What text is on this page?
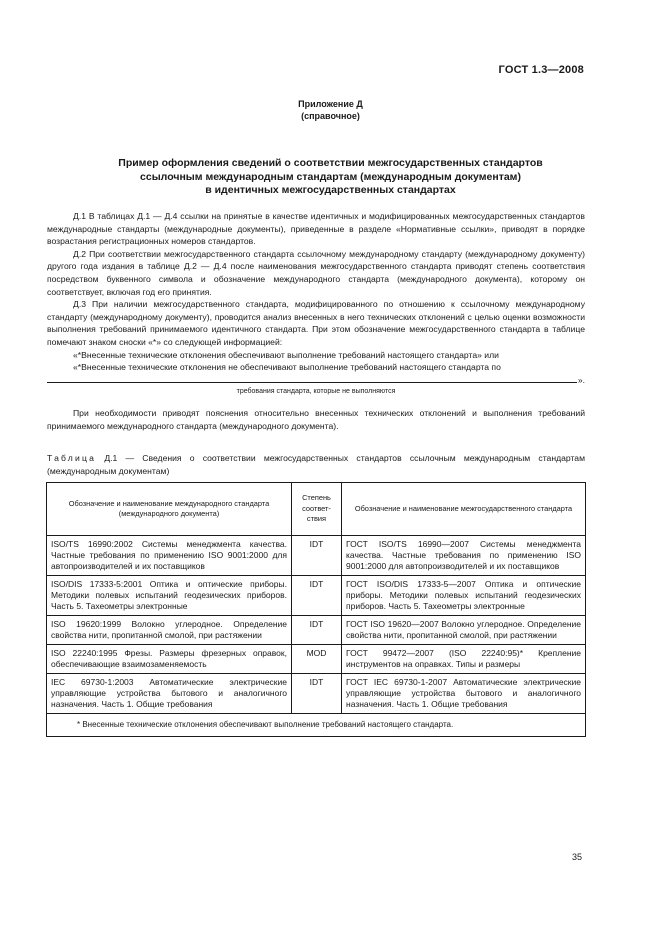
ГОСТ 1.3—2008
Приложение Д
(справочное)
Пример оформления сведений о соответствии межгосударственных стандартов
ссылочным международным стандартам (международным документам)
в идентичных межгосударственных стандартах

Д.1 В таблицах Д.1 — Д.4 ссылки на принятые в качестве идентичных и модифицированных межгосударственных стандартов международные стандарты (международные документы), приведенные в разделе «Нормативные ссылки», приводят в порядке возрастания регистрационных номеров стандартов.

Д.2 При соответствии межгосударственного стандарта ссылочному международному стандарту (международному документу) другого года издания в таблице Д.2 — Д.4 после наименования межгосударственного стандарта приводят степень соответствия посредством буквенного символа и обозначение международного стандарта (международного документа), которому он соответствует, включая год его принятия.

Д.3 При наличии межгосударственного стандарта, модифицированного по отношению к ссылочному международному стандарту (международному документу), проводится анализ внесенных в него технических отклонений с целью оценки возможности выполнения требований принимаемого идентичного стандарта. При этом обозначение межгосударственного стандарта в таблице помечают знаком сноски «*» со следующей информацией:

«*Внесенные технические отклонения обеспечивают выполнение требований настоящего стандарта» или

«*Внесенные технические отклонения не обеспечивают выполнение требований настоящего стандарта по

».
требования стандарта, которые не выполняются

При необходимости приводят пояснения относительно внесенных технических отклонений и выполнения требований принимаемого международного стандарта (международного документа).

Таблица Д.1 — Сведения о соответствии межгосударственных стандартов ссылочным международным стандартам (международным документам)
Обозначение и наименование международного стандарта (международного документа)	Степень соответ-ствия	Обозначение и наименование межгосударственного стандарта
ISO/TS 16990:2002 Системы менеджмента качества. Частные требования по применению ISO 9001:2000 для автопроизводителей и их поставщиков	IDT	ГОСТ ISO/TS 16990—2007 Системы менеджмента качества. Частные требования по применению ISO 9001:2000 для автопроизводителей и их поставщиков
ISO/DIS 17333-5:2001 Оптика и оптические приборы. Методики полевых испытаний геодезических приборов. Часть 5. Тахеометры электронные	IDT	ГОСТ ISO/DIS 17333-5—2007 Оптика и оптические приборы. Методики полевых испытаний геодезических приборов. Часть 5. Тахеометры электронные
ISO 19620:1999 Волокно углеродное. Определение свойства нити, пропитанной смолой, при растяжении	IDT	ГОСТ ISO 19620—2007 Волокно углеродное. Определение свойства нити, пропитанной смолой, при растяжении
ISO 22240:1995 Фрезы. Размеры фрезерных оправок, обеспечивающие взаимозаменяемость	MOD	ГОСТ 99472—2007 (ISO 22240:95)* Крепление инструментов на оправках. Типы и размеры
IEC 69730-1:2003 Автоматические электрические управляющие устройства бытового и аналогичного назначения. Часть 1. Общие требования	IDT	ГОСТ IEC 69730-1-2007 Автоматические электрические управляющие устройства бытового и аналогичного назначения. Часть 1. Общие требования
* Внесенные технические отклонения обеспечивают выполнение требований настоящего стандарта.		
35
